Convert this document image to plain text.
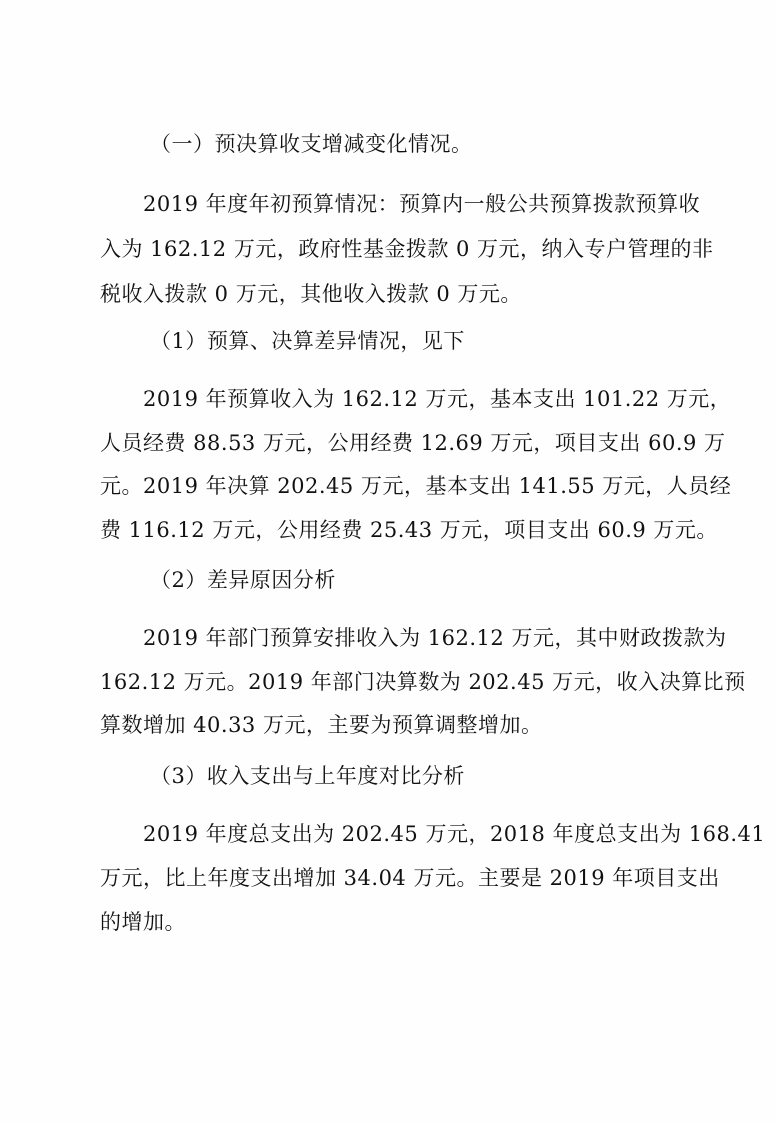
（一）预决算收支增减变化情况。
2019 年度年初预算情况：预算内一般公共预算拨款预算收
入为 162.12 万元，政府性基金拨款 0 万元，纳入专户管理的非
税收入拨款 0 万元，其他收入拨款 0 万元。
（1）预算、决算差异情况，见下
2019 年预算收入为 162.12 万元，基本支出 101.22 万元，
人员经费 88.53 万元，公用经费 12.69 万元，项目支出 60.9 万
元。2019 年决算 202.45 万元，基本支出 141.55 万元，人员经
费 116.12 万元，公用经费 25.43 万元，项目支出 60.9 万元。
（2）差异原因分析
2019 年部门预算安排收入为 162.12 万元，其中财政拨款为
162.12 万元。2019 年部门决算数为 202.45 万元，收入决算比预
算数增加 40.33 万元，主要为预算调整增加。
（3）收入支出与上年度对比分析
2019 年度总支出为 202.45 万元，2018 年度总支出为 168.41
万元，比上年度支出增加 34.04 万元。主要是 2019 年项目支出
的增加。
